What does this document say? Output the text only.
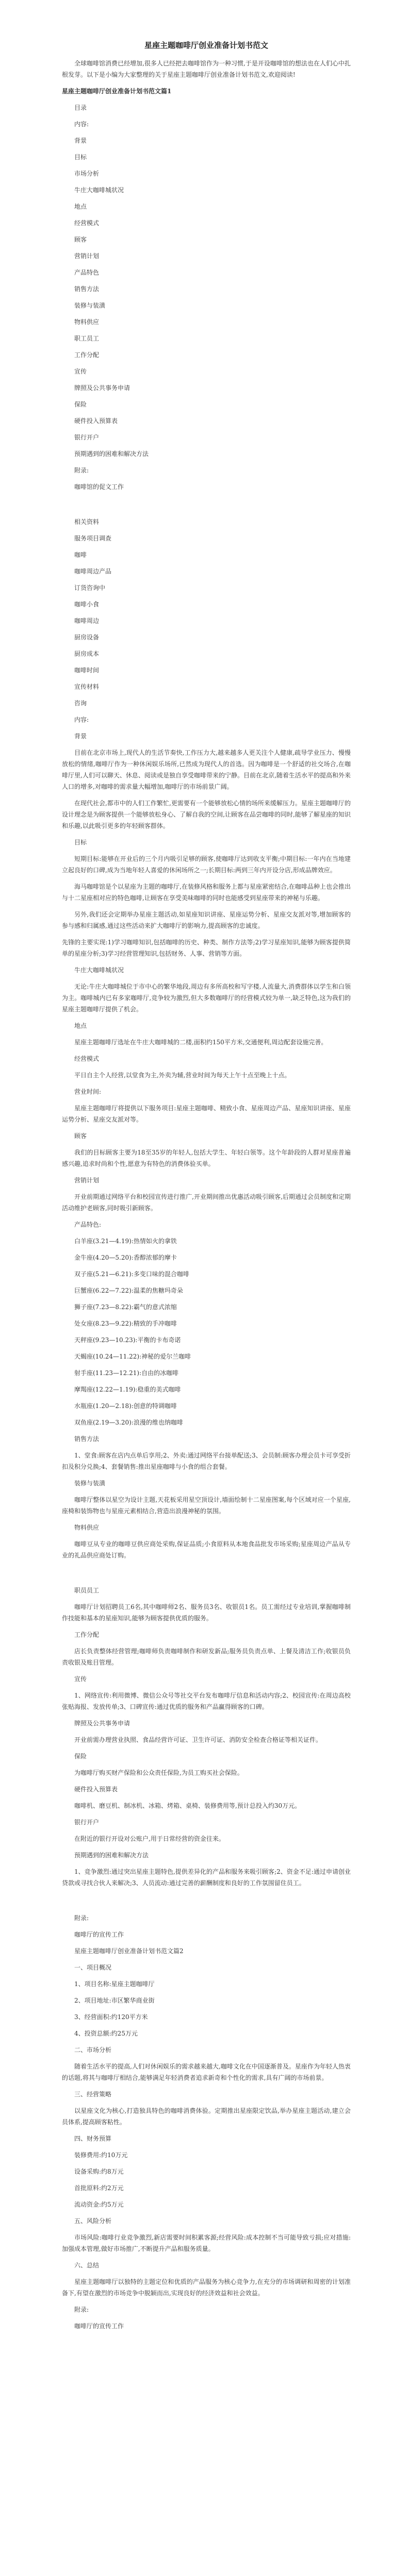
星座主题咖啡厅创业准备计划书范文
全球咖啡馆消费已经增加,很多人已经把去咖啡馆作为一种习惯,于是开设咖啡馆的想法也在人们心中扎根发芽。以下是小编为大家整理的关于星座主题咖啡厅创业准备计划书范文,欢迎阅读!
星座主题咖啡厅创业准备计划书范文篇1
目录
内容:
背景
目标
市场分析
牛庄大咖啡城状况
地点
经营模式
顾客
营销计划
产品特色
销售方法
装修与装潢
物料供应
职工员工
工作分配
宣传
牌照及公共事务申请
保险
硬件投入预算表
银行开户
预期遇到的困难和解决方法
附录:
咖啡馆的促文工作
相关资料
服务项目调查
咖啡
咖啡周边产品
订货咨询中
咖啡小食
咖啡周边
厨房设备
厨房成本
咖啡时间
宣传材料
咨询
内容:
背景
目前在北京市场上,现代人的生活节奏快,工作压力大,越来越多人更关注个人健康,疏导学业压力、慢慢放松的情绪,咖啡厅作为一种休闲娱乐场所,已然成为现代人的首选。因为咖啡是一个舒适的社交场合,在咖啡厅里,人们可以聊天、休息、阅读或是独自享受咖啡带来的宁静。目前在北京,随着生活水平的提高和外来人口的增多,对咖啡的需求量大幅增加,咖啡厅的市场前景广阔。
在现代社会,都市中的人们工作繁忙,更需要有一个能够放松心情的场所来缓解压力。星座主题咖啡厅的设计理念是为顾客提供一个能够放松身心、了解自我的空间,让顾客在品尝咖啡的同时,能够了解星座的知识和乐趣,以此吸引更多的年轻顾客群体。
目标
短期目标:能够在开业后的三个月内吸引足够的顾客,使咖啡厅达到收支平衡;中期目标:一年内在当地建立起良好的口碑,成为当地年轻人喜爱的休闲场所之一;长期目标:两到三年内开设分店,形成品牌效应。
海马咖啡馆是个以星座为主题的咖啡厅,在装修风格和服务上都与星座紧密结合,在咖啡品种上也会推出与十二星座相对应的特色咖啡,让顾客在享受美味咖啡的同时也能感受到星座带来的神秘与乐趣。
另外,我们还会定期举办星座主题活动,如星座知识讲座、星座运势分析、星座交友派对等,增加顾客的参与感和归属感,通过这些活动来扩大咖啡厅的影响力,提高顾客的忠诚度。
先锋的主要实现:1)学习咖啡知识,包括咖啡的历史、种类、制作方法等;2)学习星座知识,能够为顾客提供简单的星座分析;3)学习经营管理知识,包括财务、人事、营销等方面。
牛庄大咖啡城状况
无论:牛庄大咖啡城位于市中心的繁华地段,周边有多所高校和写字楼,人流量大,消费群体以学生和白领为主。咖啡城内已有多家咖啡厅,竞争较为激烈,但大多数咖啡厅的经营模式较为单一,缺乏特色,这为我们的星座主题咖啡厅提供了机会。
地点
星座主题咖啡厅选址在牛庄大咖啡城的二楼,面积约150平方米,交通便利,周边配套设施完善。
经营模式
平日自主个人经营,以堂食为主,外卖为辅,营业时间为每天上午十点至晚上十点。
营业时间:
星座主题咖啡厅将提供以下服务项目:星座主题咖啡、精致小食、星座周边产品、星座知识讲座、星座运势分析、星座交友派对等。
顾客
我们的目标顾客主要为18至35岁的年轻人,包括大学生、年轻白领等。这个年龄段的人群对星座普遍感兴趣,追求时尚和个性,愿意为有特色的消费体验买单。
营销计划
开业前期通过网络平台和校园宣传进行推广,开业期间推出优惠活动吸引顾客,后期通过会员制度和定期活动维护老顾客,同时吸引新顾客。
产品特色:
白羊座(3.21—4.19):热情如火的拿铁
金牛座(4.20—5.20):香醇浓郁的摩卡
双子座(5.21—6.21):多变口味的混合咖啡
巨蟹座(6.22—7.22):温柔的焦糖玛奇朵
狮子座(7.23—8.22):霸气的意式浓缩
处女座(8.23—9.22):精致的手冲咖啡
天秤座(9.23—10.23):平衡的卡布奇诺
天蝎座(10.24—11.22):神秘的爱尔兰咖啡
射手座(11.23—12.21):自由的冰咖啡
摩羯座(12.22—1.19):稳重的美式咖啡
水瓶座(1.20—2.18):创意的特调咖啡
双鱼座(2.19—3.20):浪漫的维也纳咖啡
销售方法
1、堂食:顾客在店内点单后享用;2、外卖:通过网络平台接单配送;3、会员制:顾客办理会员卡可享受折扣及积分兑换;4、套餐销售:推出星座咖啡与小食的组合套餐。
装修与装潢
咖啡厅整体以星空为设计主题,天花板采用星空顶设计,墙面绘制十二星座图案,每个区域对应一个星座,座椅和装饰物也与星座元素相结合,营造出浪漫神秘的氛围。
物料供应
咖啡豆从专业的咖啡豆供应商处采购,保证品质;小食原料从本地食品批发市场采购;星座周边产品从专业的礼品供应商处订购。
职员员工
咖啡厅计划招聘员工6名,其中咖啡师2名、服务员3名、收银员1名。员工需经过专业培训,掌握咖啡制作技能和基本的星座知识,能够为顾客提供优质的服务。
工作分配
店长负责整体经营管理;咖啡师负责咖啡制作和研发新品;服务员负责点单、上餐及清洁工作;收银员负责收银及账目管理。
宣传
1、网络宣传:利用微博、微信公众号等社交平台发布咖啡厅信息和活动内容;2、校园宣传:在周边高校张贴海报、发放传单;3、口碑宣传:通过优质的服务和产品赢得顾客的口碑。
牌照及公共事务申请
开业前需办理营业执照、食品经营许可证、卫生许可证、消防安全检查合格证等相关证件。
保险
为咖啡厅购买财产保险和公众责任保险,为员工购买社会保险。
硬件投入预算表
咖啡机、磨豆机、制冰机、冰箱、烤箱、桌椅、装修费用等,预计总投入约30万元。
银行开户
在附近的银行开设对公账户,用于日常经营的资金往来。
预期遇到的困难和解决方法
1、竞争激烈:通过突出星座主题特色,提供差异化的产品和服务来吸引顾客;2、资金不足:通过申请创业贷款或寻找合伙人来解决;3、人员流动:通过完善的薪酬制度和良好的工作氛围留住员工。
附录:
咖啡厅的宣传工作
星座主题咖啡厅创业准备计划书范文篇2
一、项目概况
1、项目名称:星座主题咖啡厅
2、项目地址:市区繁华商业街
3、经营面积:约120平方米
4、投资总额:约25万元
二、市场分析
随着生活水平的提高,人们对休闲娱乐的需求越来越大,咖啡文化在中国逐渐普及。星座作为年轻人热衷的话题,将其与咖啡厅相结合,能够满足年轻消费者追求新奇和个性化的需求,具有广阔的市场前景。
三、经营策略
以星座文化为核心,打造独具特色的咖啡消费体验。定期推出星座限定饮品,举办星座主题活动,建立会员体系,提高顾客粘性。
四、财务预算
装修费用:约10万元
设备采购:约8万元
首批原料:约2万元
流动资金:约5万元
五、风险分析
市场风险:咖啡行业竞争激烈,新店需要时间积累客源;经营风险:成本控制不当可能导致亏损;应对措施:加强成本管理,做好市场推广,不断提升产品和服务质量。
六、总结
星座主题咖啡厅以独特的主题定位和优质的产品服务为核心竞争力,在充分的市场调研和周密的计划准备下,有望在激烈的市场竞争中脱颖而出,实现良好的经济效益和社会效益。
附录:
咖啡厅的宣传工作
